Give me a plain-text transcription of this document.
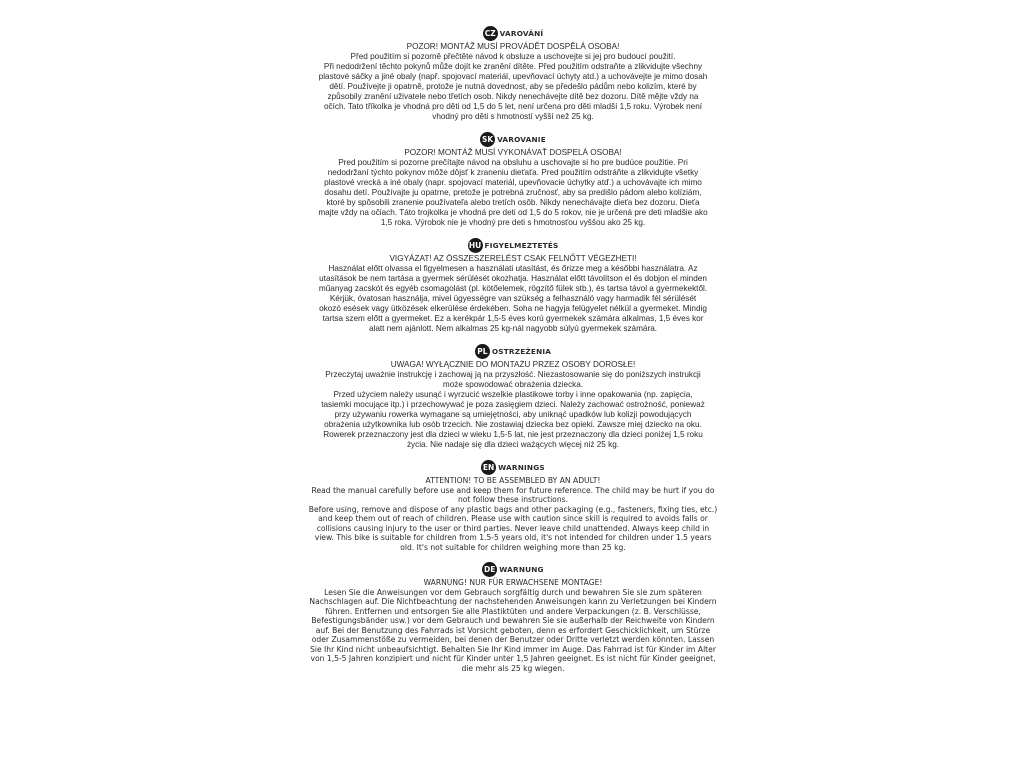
CZ VAROVÁNÍ
POZOR! MONTÁŽ MUSÍ PROVÁDĚT DOSPĚLÁ OSOBA!
Před použitím si pozorně přečtěte návod k obsluze a uschovejte si jej pro budoucí použití.
Při nedodržení těchto pokynů může dojít ke zranění dítěte. Před použitím odstraňte a zlikvidujte všechny plastové sáčky a jiné obaly (např. spojovací materiál, upevňovací úchyty atd.) a uchovávejte je mimo dosah dětí. Používejte ji opatrně, protože je nutná dovednost, aby se předešlo pádům nebo kolizím, které by způsobily zranění uživatele nebo třetích osob. Nikdy nenechávejte dítě bez dozoru. Dítě mějte vždy na očích. Tato tříkolka je vhodná pro děti od 1,5 do 5 let, není určena pro děti mladší 1,5 roku. Výrobek není vhodný pro děti s hmotností vyšší než 25 kg.
SK VAROVANIE
POZOR! MONTÁŽ MUSÍ VYKONÁVAŤ DOSPELÁ OSOBA!
Pred použitím si pozorne prečítajte návod na obsluhu a uschovajte si ho pre budúce použitie. Pri nedodržaní týchto pokynov môže dôjsť k zraneniu dieťaťa. Pred použitím odstráňte a zlikvidujte všetky plastové vrecká a iné obaly (napr. spojovací materiál, upevňovacie úchytky atď.) a uchovávajte ich mimo dosahu detí. Používajte ju opatrne, pretože je potrebná zručnosť, aby sa predišlo pádom alebo kolíziám, ktoré by spôsobili zranenie používateľa alebo tretích osôb. Nikdy nenechávajte dieťa bez dozoru. Dieťa majte vždy na očiach. Táto trojkolka je vhodná pre deti od 1,5 do 5 rokov, nie je určená pre deti mladšie ako 1,5 roka. Výrobok nie je vhodný pre deti s hmotnosťou vyššou ako 25 kg.
HU FIGYELMEZTETÉS
VIGYÁZAT! AZ ÖSSZESZERELÉST CSAK FELNŐTT VÉGEZHETI!
Használat előtt olvassa el figyelmesen a használati utasítást, és őrizze meg a későbbi használatra. Az utasítások be nem tartása a gyermek sérülését okozhatja. Használat előtt távolítson el és dobjon el minden műanyag zacskót és egyéb csomagolást (pl. kötőelemek, rögzítő fülek stb.), és tartsa távol a gyermekektől. Kérjük, óvatosan használja, mivel ügyességre van szükség a felhasználó vagy harmadik fél sérülését okozó esések vagy ütközések elkerülése érdekében. Soha ne hagyja felügyelet nélkül a gyermeket. Mindig tartsa szem előtt a gyermeket. Ez a kerékpár 1,5-5 éves korú gyermekek számára alkalmas, 1,5 éves kor alatt nem ajánlott. Nem alkalmas 25 kg-nál nagyobb súlyú gyermekek számára.
PL OSTRZEŻENIA
UWAGA! WYŁĄCZNIE DO MONTAŻU PRZEZ OSOBY DOROSŁE!
Przeczytaj uważnie instrukcję i zachowaj ją na przyszłość. Niezastosowanie się do poniższych instrukcji może spowodować obrażenia dziecka.
Przed użyciem należy usunąć i wyrzucić wszelkie plastikowe torby i inne opakowania (np. zapięcia, tasiemki mocujące itp.) i przechowywać je poza zasięgiem dzieci. Należy zachować ostrożność, ponieważ przy używaniu rowerka wymagane są umiejętności, aby uniknąć upadków lub kolizji powodujących obrażenia użytkownika lub osób trzecich. Nie zostawiaj dziecka bez opieki. Zawsze miej dziecko na oku. Rowerek przeznaczony jest dla dzieci w wieku 1,5-5 lat, nie jest przeznaczony dla dzieci poniżej 1,5 roku życia. Nie nadaje się dla dzieci ważących więcej niż 25 kg.
EN WARNINGS
ATTENTION! TO BE ASSEMBLED BY AN ADULT!
Read the manual carefully before use and keep them for future reference. The child may be hurt if you do not follow these instructions.
Before using, remove and dispose of any plastic bags and other packaging (e.g., fasteners, fixing ties, etc.) and keep them out of reach of children. Please use with caution since skill is required to avoids falls or collisions causing injury to the user or third parties. Never leave child unattended. Always keep child in view. This bike is suitable for children from 1.5-5 years old, it's not intended for children under 1.5 years old. It's not suitable for children weighing more than 25 kg.
DE WARNUNG
WARNUNG! NUR FÜR ERWACHSENE MONTAGE!
Lesen Sie die Anweisungen vor dem Gebrauch sorgfältig durch und bewahren Sie sie zum späteren Nachschlagen auf. Die Nichtbeachtung der nachstehenden Anweisungen kann zu Verletzungen bei Kindern führen. Entfernen und entsorgen Sie alle Plastiktüten und andere Verpackungen (z. B. Verschlüsse, Befestigungsbänder usw.) vor dem Gebrauch und bewahren Sie sie außerhalb der Reichweite von Kindern auf. Bei der Benutzung des Fahrrads ist Vorsicht geboten, denn es erfordert Geschicklichkeit, um Stürze oder Zusammenstöße zu vermeiden, bei denen der Benutzer oder Dritte verletzt werden könnten. Lassen Sie Ihr Kind nicht unbeaufsichtigt. Behalten Sie Ihr Kind immer im Auge. Das Fahrrad ist für Kinder im Alter von 1,5-5 Jahren konzipiert und nicht für Kinder unter 1,5 Jahren geeignet. Es ist nicht für Kinder geeignet, die mehr als 25 kg wiegen.
